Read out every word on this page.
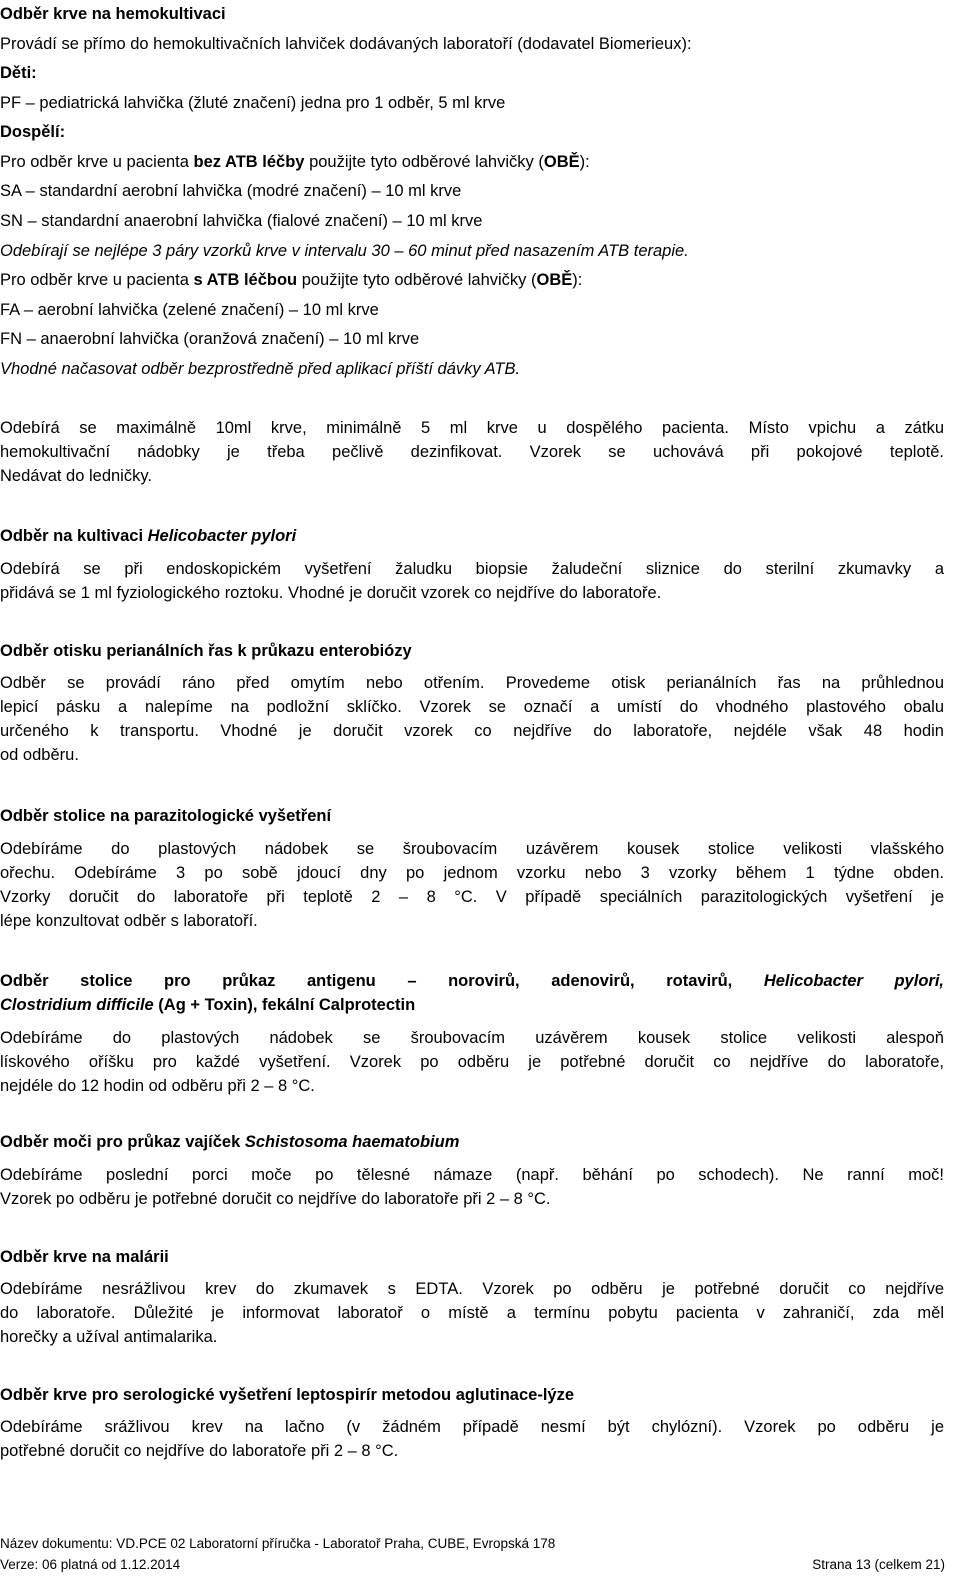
Odběr krve na hemokultivaci
Provádí se přímo do hemokultivačních lahviček dodávaných laboratoří (dodavatel Biomerieux):
Děti:
PF – pediatrická lahvička (žluté značení) jedna pro 1 odběr, 5 ml krve
Dospělí:
Pro odběr krve u pacienta bez ATB léčby použijte tyto odběrové lahvičky (OBĚ):
SA – standardní aerobní lahvička (modré značení) – 10 ml krve
SN – standardní anaerobní lahvička (fialové značení) – 10 ml krve
Odebírají se nejlépe 3 páry vzorků krve v intervalu 30 – 60 minut před nasazením ATB terapie.
Pro odběr krve u pacienta s ATB léčbou použijte tyto odběrové lahvičky (OBĚ):
FA – aerobní lahvička (zelené značení) – 10 ml krve
FN – anaerobní lahvička (oranžová značení) – 10 ml krve
Vhodné načasovat odběr bezprostředně před aplikací příští dávky ATB.
Odebírá se maximálně 10ml krve, minimálně 5 ml krve u dospělého pacienta. Místo vpichu a zátku
hemokultivační nádobky je třeba pečlivě dezinfikovat. Vzorek se uchovává při pokojové teplotě.
Nedávat do ledničky.
Odběr na kultivaci Helicobacter pylori
Odebírá se při endoskopickém vyšetření žaludku biopsie žaludeční sliznice do sterilní zkumavky a
přidává se 1 ml fyziologického roztoku. Vhodné je doručit vzorek co nejdříve do laboratoře.
Odběr otisku perianálních řas k průkazu enterobiózy
Odběr se provádí ráno před omytím nebo otřením. Provedeme otisk perianálních řas na průhlednou
lepicí pásku a nalepíme na podložní sklíčko. Vzorek se označí a umístí do vhodného plastového obalu
určeného k transportu. Vhodné je doručit vzorek co nejdříve do laboratoře, nejdéle však 48 hodin
od odběru.
Odběr stolice na parazitologické vyšetření
Odebíráme do plastových nádobek se šroubovacím uzávěrem kousek stolice velikosti vlašského
ořechu. Odebíráme 3 po sobě jdoucí dny po jednom vzorku nebo 3 vzorky během 1 týdne obden.
Vzorky doručit do laboratoře při teplotě 2 – 8 °C. V případě speciálních parazitologických vyšetření je
lépe konzultovat odběr s laboratoří.
Odběr stolice pro průkaz antigenu – norovirů, adenovirů, rotavirů, Helicobacter pylori,
Clostridium difficile (Ag + Toxin), fekální Calprotectin
Odebíráme do plastových nádobek se šroubovacím uzávěrem kousek stolice velikosti alespoň
lískového oříšku pro každé vyšetření. Vzorek po odběru je potřebné doručit co nejdříve do laboratoře,
nejdéle do 12 hodin od odběru při 2 – 8 °C.
Odběr moči pro průkaz vajíček Schistosoma haematobium
Odebíráme poslední porci moče po tělesné námaze (např. běhání po schodech). Ne ranní moč!
Vzorek po odběru je potřebné doručit co nejdříve do laboratoře při 2 – 8 °C.
Odběr krve na malárii
Odebíráme nesrážlivou krev do zkumavek s EDTA. Vzorek po odběru je potřebné doručit co nejdříve
do laboratoře. Důležité je informovat laboratoř o místě a termínu pobytu pacienta v zahraničí, zda měl
horečky a užíval antimalarika.
Odběr krve pro serologické vyšetření leptospirír metodou aglutinace-lýze
Odebíráme srážlivou krev na lačno (v žádném případě nesmí být chylózní). Vzorek po odběru je
potřebné doručit co nejdříve do laboratoře při 2 – 8 °C.
Název dokumentu: VD.PCE 02 Laboratorní příručka - Laboratoř Praha, CUBE, Evropská 178
Verze: 06 platná od 1.12.2014	Strana 13 (celkem 21)
